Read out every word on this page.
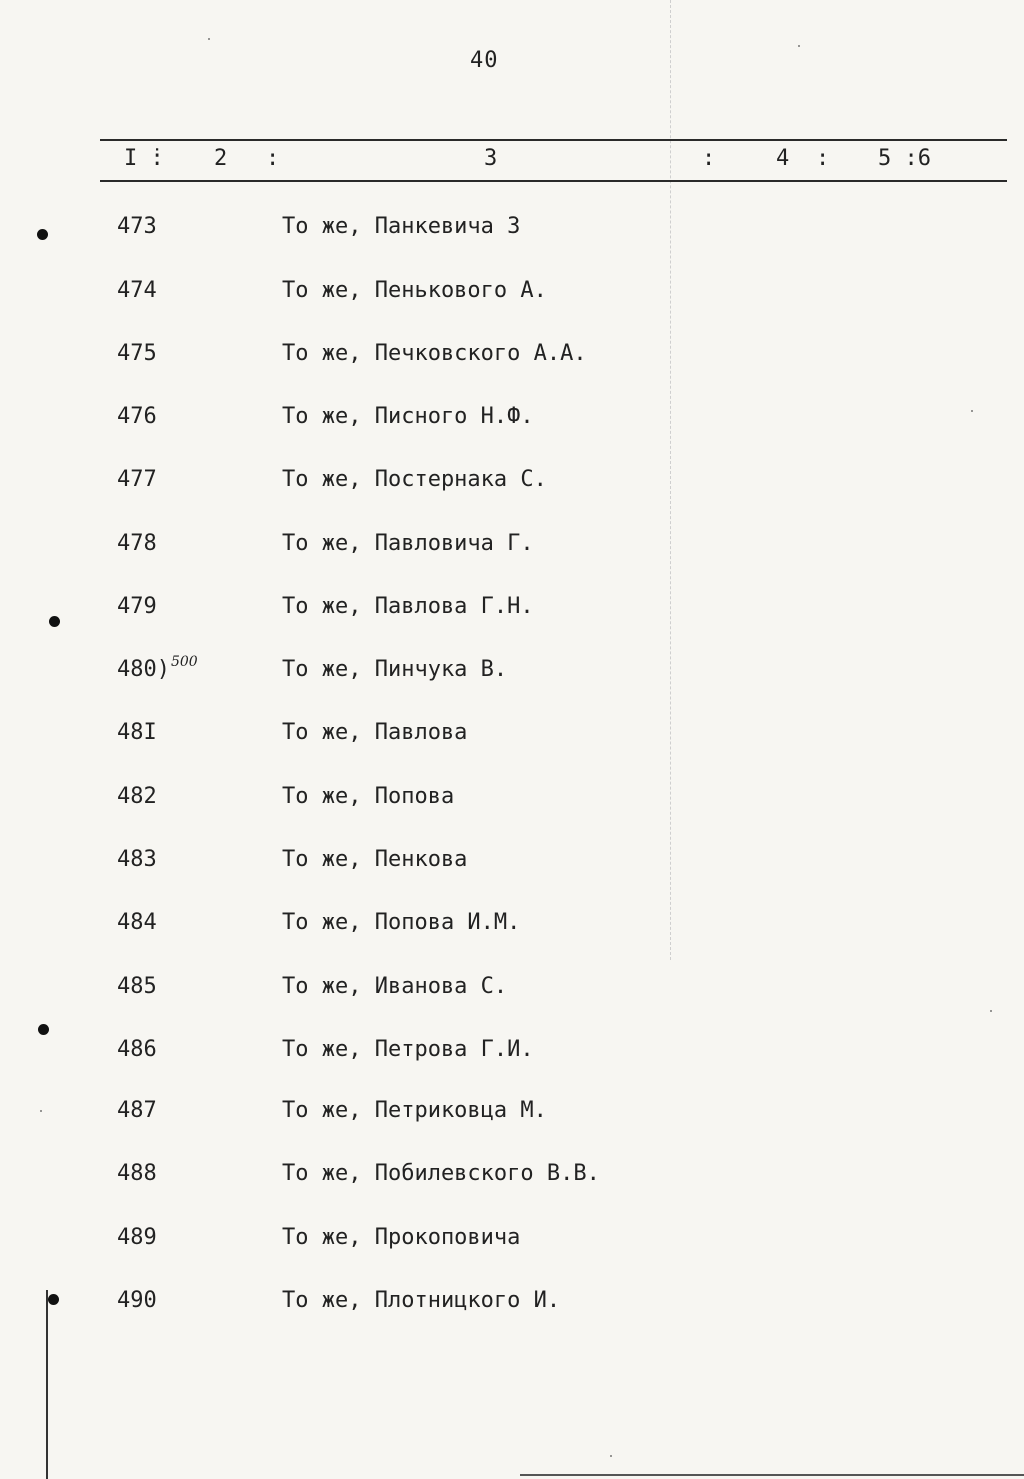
40
I ̇: 2 :	3	:	4 : 5 :6
473	То же, Панкевича З
474	То же, Пенькового А.
475	То же, Печковского А.А.
476	То же, Писного Н.Ф.
477	То же, Постернака С.
478	То же, Павловича Г.
479	То же, Павлова Г.Н.
480)$^{500}$	То же, Пинчука В.
48I	То же, Павлова
482	То же, Попова
483	То же, Пенкова
484	То же, Попова И.М.
485	То же, Иванова С.
486	То же, Петрова Г.И.
487	То же, Петриковца М.
488	То же, Побилевского В.В.
489	То же, Прокоповича
490	То же, Плотницкого И.
